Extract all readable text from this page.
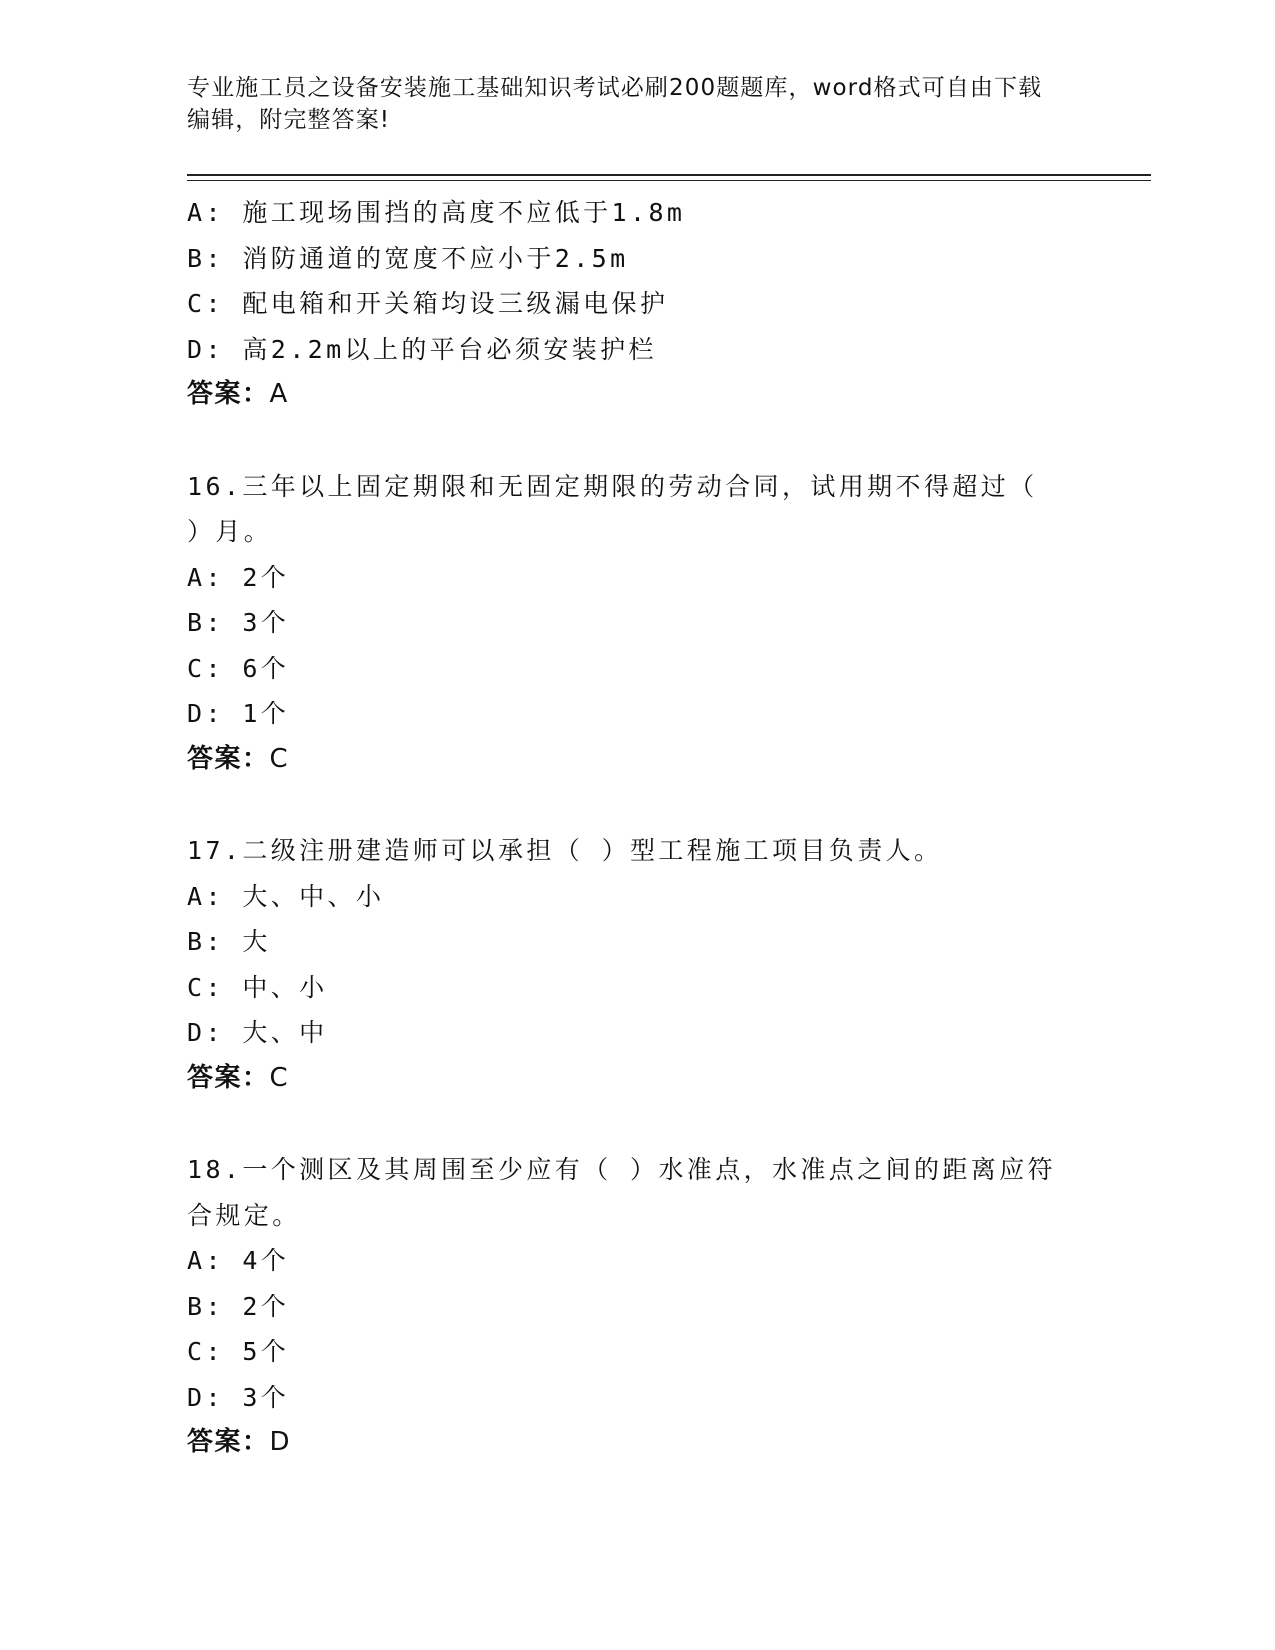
专业施工员之设备安装施工基础知识考试必刷200题题库，word格式可自由下载
编辑，附完整答案!
A: 施工现场围挡的高度不应低于1.8m
B: 消防通道的宽度不应小于2.5m
C: 配电箱和开关箱均设三级漏电保护
D: 高2.2m以上的平台必须安装护栏
答案：A
16.三年以上固定期限和无固定期限的劳动合同，试用期不得超过（
）月。
A: 2个
B: 3个
C: 6个
D: 1个
答案：C
17.二级注册建造师可以承担（ ）型工程施工项目负责人。
A: 大、中、小
B: 大
C: 中、小
D: 大、中
答案：C
18.一个测区及其周围至少应有（ ）水准点，水准点之间的距离应符
合规定。
A: 4个
B: 2个
C: 5个
D: 3个
答案：D
